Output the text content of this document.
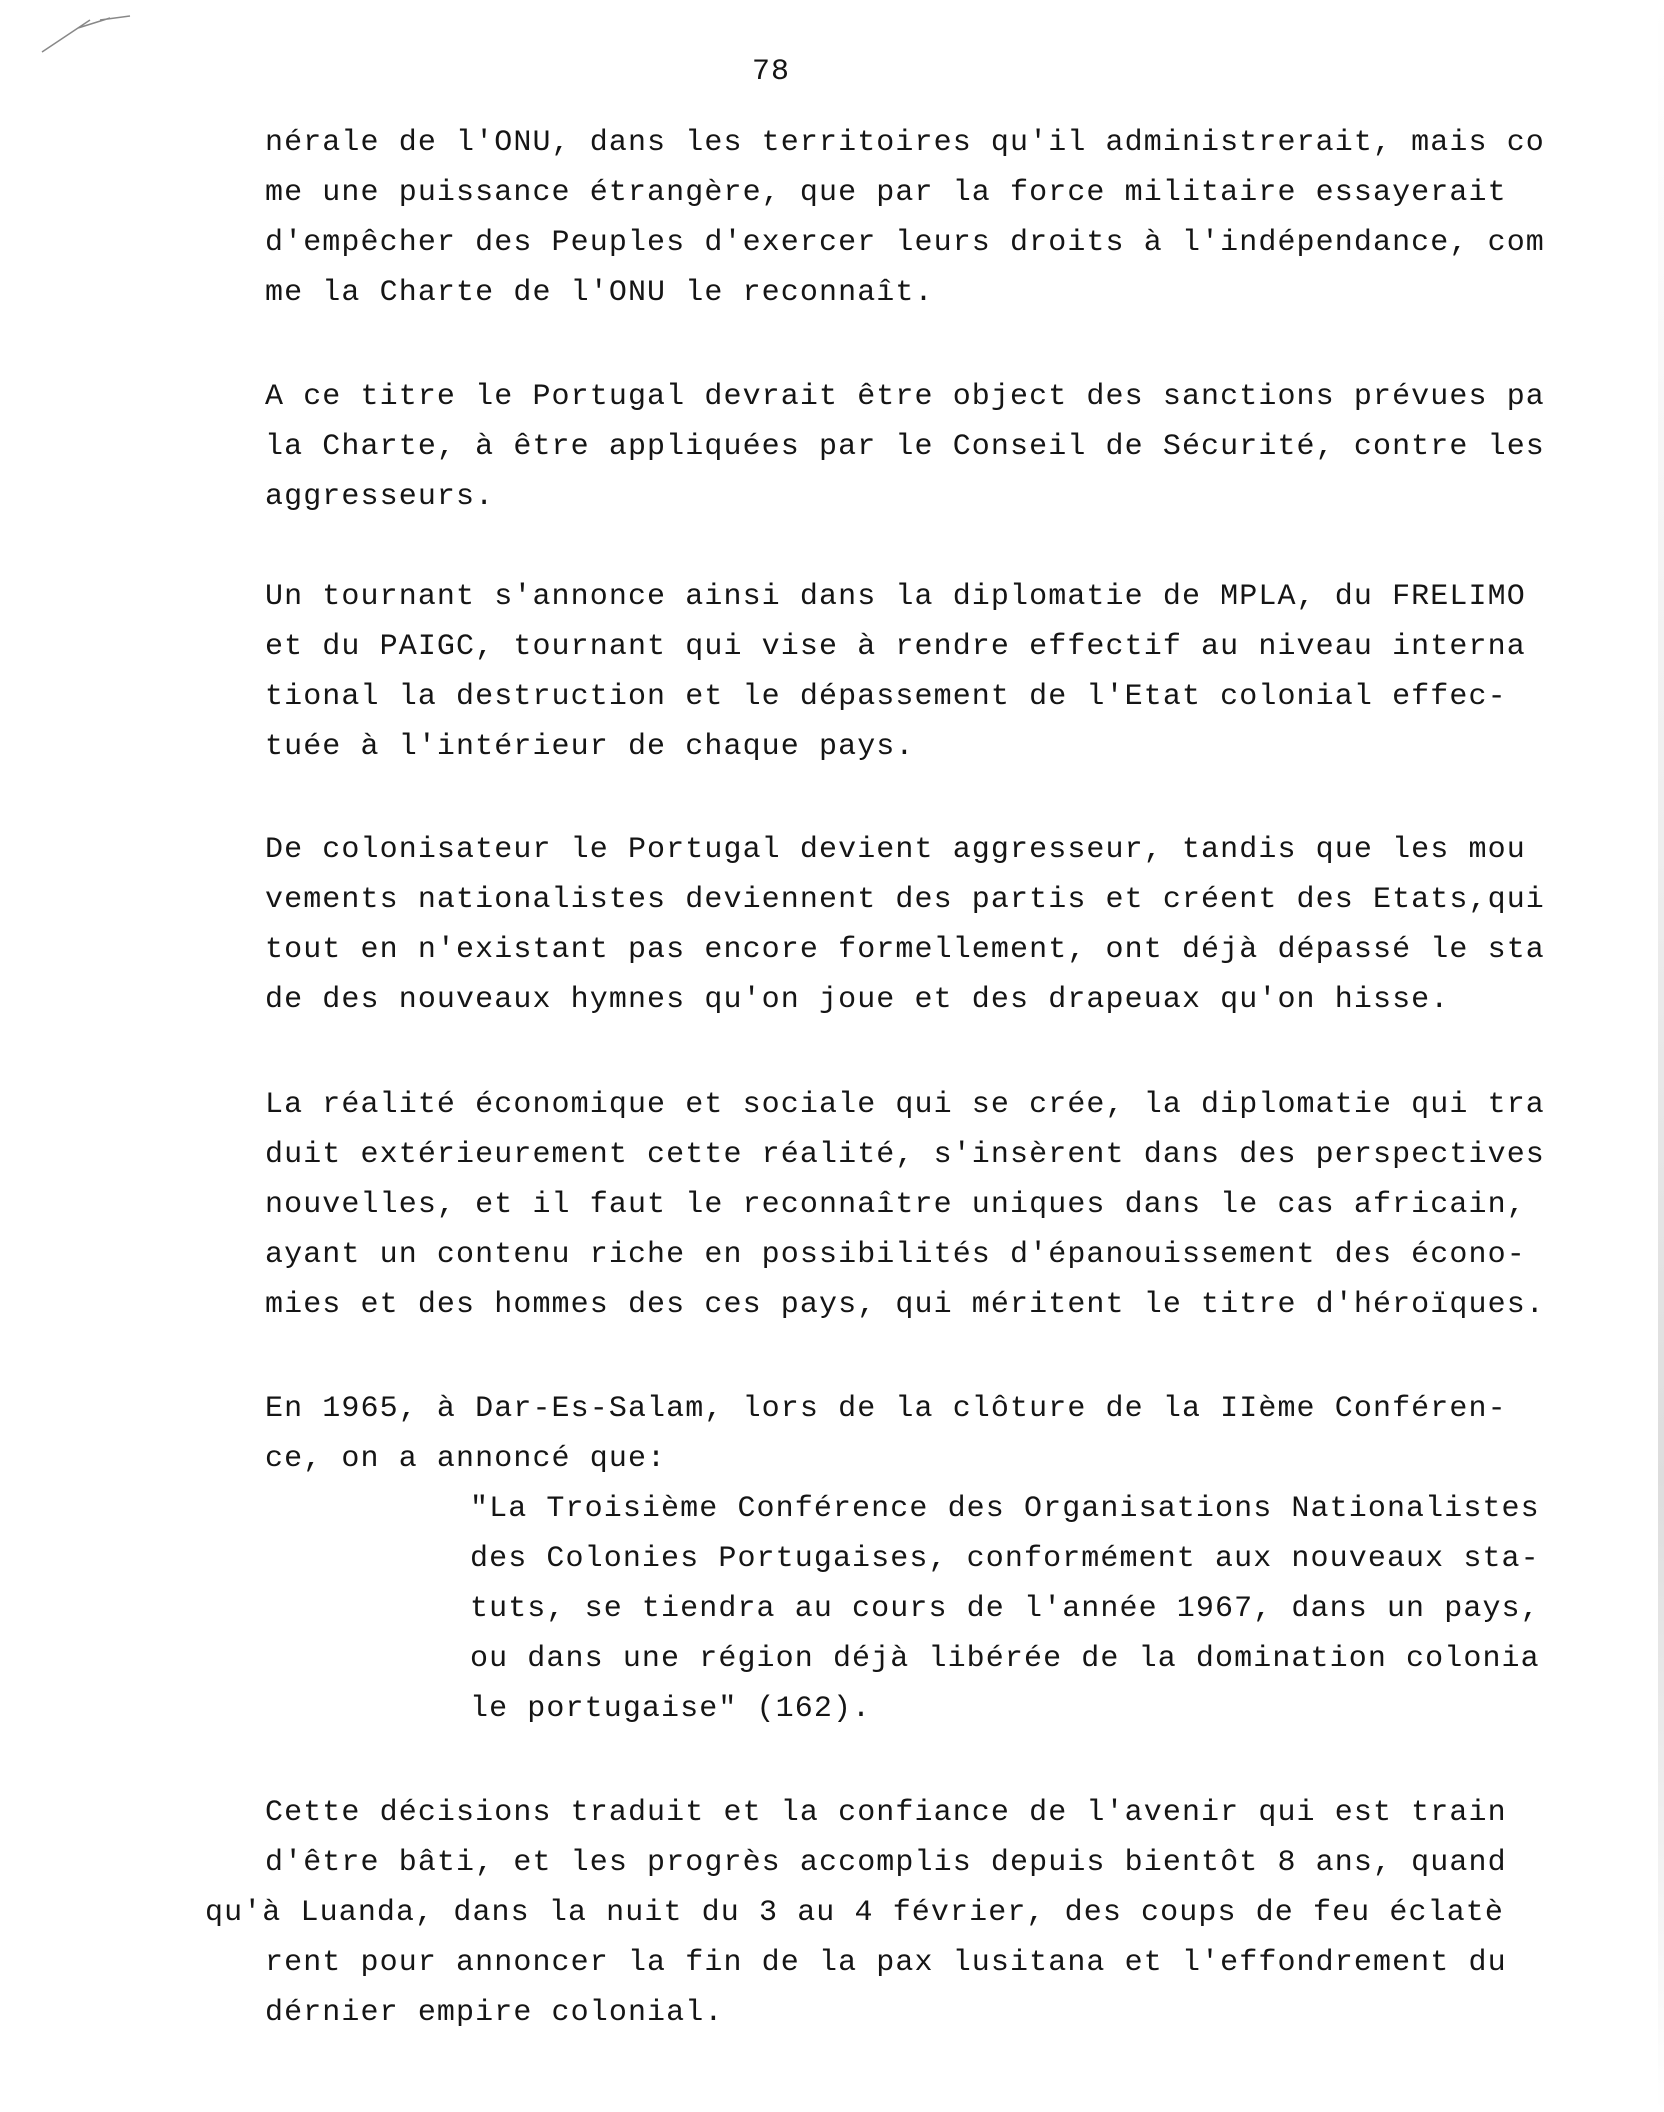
78
nérale de l'ONU, dans les territoires qu'il administrerait, mais co
me une puissance étrangère, que par la force militaire essayerait
d'empêcher des Peuples d'exercer leurs droits à l'indépendance, com
me la Charte de l'ONU le reconnaît.
A ce titre le Portugal devrait être object des sanctions prévues pa
la Charte, à être appliquées par le Conseil de Sécurité, contre les
aggresseurs.
Un tournant s'annonce ainsi dans la diplomatie de MPLA, du FRELIMO
et du PAIGC, tournant qui vise à rendre effectif au niveau interna
tional la destruction et le dépassement de l'Etat colonial effec-
tuée à l'intérieur de chaque pays.
De colonisateur le Portugal devient aggresseur, tandis que les mou
vements nationalistes deviennent des partis et créent des Etats,qui
tout en n'existant pas encore formellement, ont déjà dépassé le sta
de des nouveaux hymnes qu'on joue et des drapeuax qu'on hisse.
La réalité économique et sociale qui se crée, la diplomatie qui tra
duit extérieurement cette réalité, s'insèrent dans des perspectives
nouvelles, et il faut le reconnaître uniques dans le cas africain,
ayant un contenu riche en possibilités d'épanouissement des écono-
mies et des hommes des ces pays, qui méritent le titre d'héroïques.
En 1965, à Dar-Es-Salam, lors de la clôture de la IIème Conféren-
ce, on a annoncé que:
"La Troisième Conférence des Organisations Nationalistes
des Colonies Portugaises, conformément aux nouveaux sta-
tuts, se tiendra au cours de l'année 1967, dans un pays,
ou dans une région déjà libérée de la domination colonia
le portugaise" (162).
Cette décisions traduit et la confiance de l'avenir qui est train
d'être bâti, et les progrès accomplis depuis bientôt 8 ans, quand
qu'à Luanda, dans la nuit du 3 au 4 février, des coups de feu éclatè
rent pour annoncer la fin de la pax lusitana et l'effondrement du
dérnier empire colonial.
